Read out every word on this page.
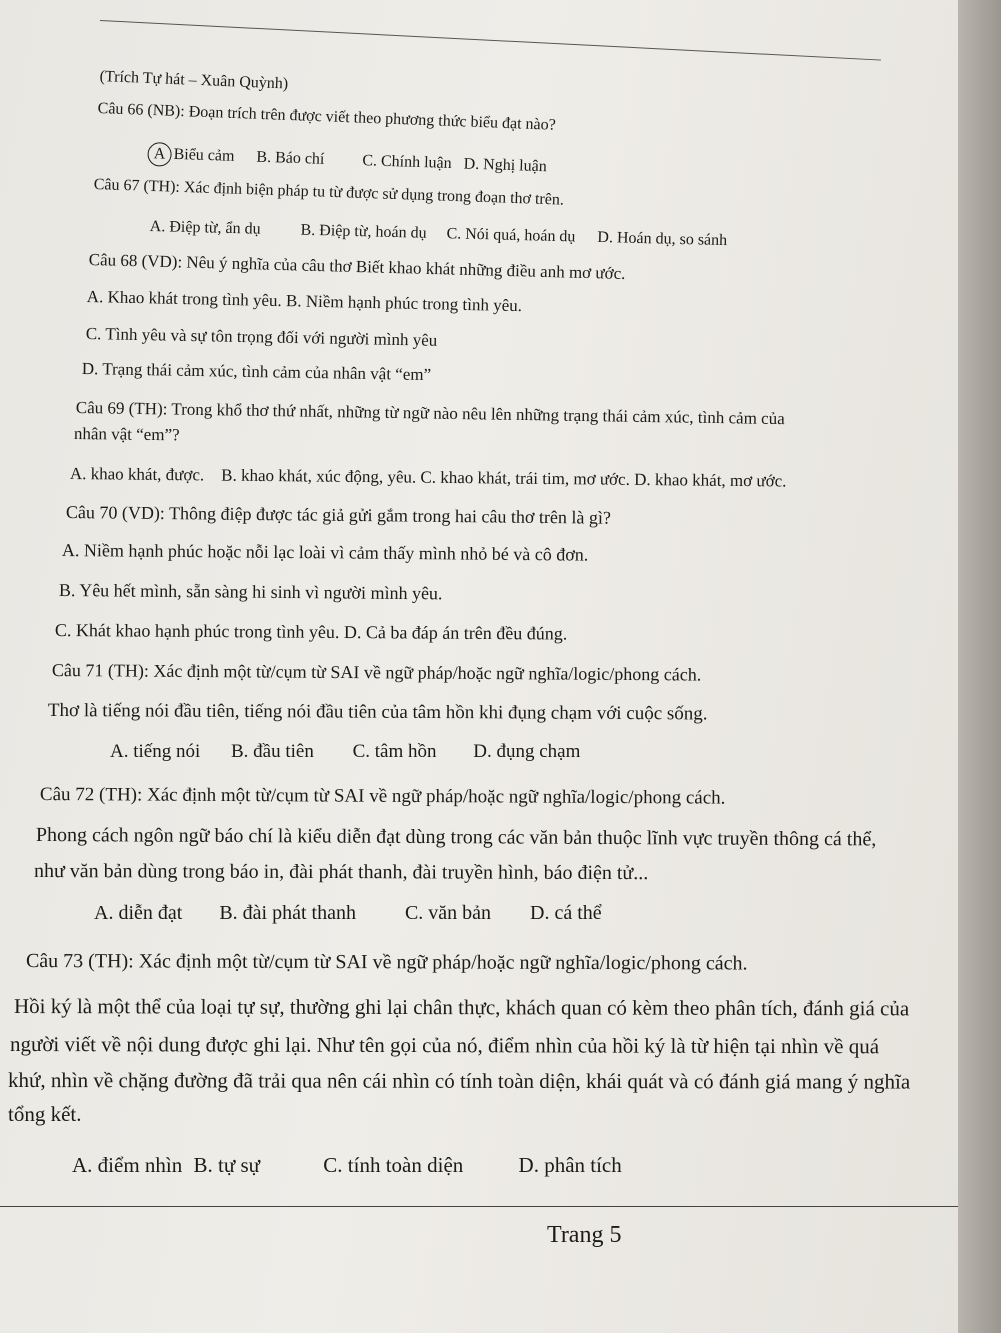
(Trích Tự hát – Xuân Quỳnh)
Câu 66 (NB): Đoạn trích trên được viết theo phương thức biểu đạt nào?
A Biểu cảm B. Báo chí C. Chính luận D. Nghị luận
Câu 67 (TH): Xác định biện pháp tu từ được sử dụng trong đoạn thơ trên.
A. Điệp từ, ẩn dụ B. Điệp từ, hoán dụ C. Nói quá, hoán dụ D. Hoán dụ, so sánh
Câu 68 (VD): Nêu ý nghĩa của câu thơ Biết khao khát những điều anh mơ ước.
A. Khao khát trong tình yêu. B. Niềm hạnh phúc trong tình yêu.
C. Tình yêu và sự tôn trọng đối với người mình yêu
D. Trạng thái cảm xúc, tình cảm của nhân vật “em”
Câu 69 (TH): Trong khổ thơ thứ nhất, những từ ngữ nào nêu lên những trạng thái cảm xúc, tình cảm của
nhân vật “em”?
A. khao khát, được.    B. khao khát, xúc động, yêu. C. khao khát, trái tim, mơ ước. D. khao khát, mơ ước.
Câu 70 (VD): Thông điệp được tác giả gửi gắm trong hai câu thơ trên là gì?
A. Niềm hạnh phúc hoặc nỗi lạc loài vì cảm thấy mình nhỏ bé và cô đơn.
B. Yêu hết mình, sẵn sàng hi sinh vì người mình yêu.
C. Khát khao hạnh phúc trong tình yêu. D. Cả ba đáp án trên đều đúng.
Câu 71 (TH): Xác định một từ/cụm từ SAI về ngữ pháp/hoặc ngữ nghĩa/logic/phong cách.
Thơ là tiếng nói đầu tiên, tiếng nói đầu tiên của tâm hồn khi đụng chạm với cuộc sống.
A. tiếng nói B. đầu tiên C. tâm hồn D. đụng chạm
Câu 72 (TH): Xác định một từ/cụm từ SAI về ngữ pháp/hoặc ngữ nghĩa/logic/phong cách.
Phong cách ngôn ngữ báo chí là kiểu diễn đạt dùng trong các văn bản thuộc lĩnh vực truyền thông cá thể,
như văn bản dùng trong báo in, đài phát thanh, đài truyền hình, báo điện tử...
A. diễn đạt B. đài phát thanh C. văn bản D. cá thể
Câu 73 (TH): Xác định một từ/cụm từ SAI về ngữ pháp/hoặc ngữ nghĩa/logic/phong cách.
Hồi ký là một thể của loại tự sự, thường ghi lại chân thực, khách quan có kèm theo phân tích, đánh giá của
người viết về nội dung được ghi lại. Như tên gọi của nó, điểm nhìn của hồi ký là từ hiện tại nhìn về quá
khứ, nhìn về chặng đường đã trải qua nên cái nhìn có tính toàn diện, khái quát và có đánh giá mang ý nghĩa
tổng kết.
A. điểm nhìn B. tự sự	C. tính toàn diện	D. phân tích
Trang 5
